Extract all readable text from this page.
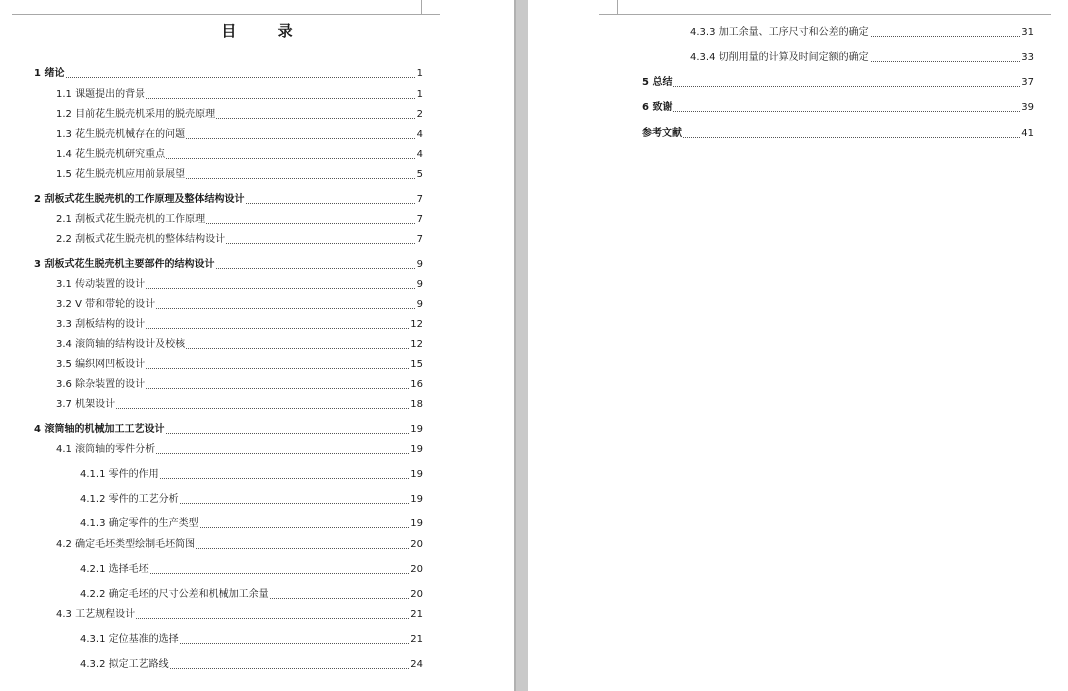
目 录
1 绪论	1
1.1 课题提出的背景	1
1.2 目前花生脱壳机采用的脱壳原理	2
1.3 花生脱壳机械存在的问题	4
1.4 花生脱壳机研究重点	4
1.5 花生脱壳机应用前景展望	5
2 刮板式花生脱壳机的工作原理及整体结构设计	7
2.1 刮板式花生脱壳机的工作原理	7
2.2 刮板式花生脱壳机的整体结构设计	7
3 刮板式花生脱壳机主要部件的结构设计	9
3.1 传动装置的设计	9
3.2 V 带和带轮的设计	9
3.3 刮板结构的设计	12
3.4 滚筒轴的结构设计及校核	12
3.5 编织网凹板设计	15
3.6 除杂装置的设计	16
3.7 机架设计	18
4 滚筒轴的机械加工工艺设计	19
4.1 滚筒轴的零件分析	19
4.1.1 零件的作用	19
4.1.2 零件的工艺分析	19
4.1.3 确定零件的生产类型	19
4.2 确定毛坯类型绘制毛坯简图	20
4.2.1 选择毛坯	20
4.2.2 确定毛坯的尺寸公差和机械加工余量	20
4.3 工艺规程设计	21
4.3.1 定位基准的选择	21
4.3.2 拟定工艺路线	24
4.3.3 加工余量、工序尺寸和公差的确定	31
4.3.4 切削用量的计算及时间定额的确定	33
5 总结	37
6 致谢	39
参考文献	41
